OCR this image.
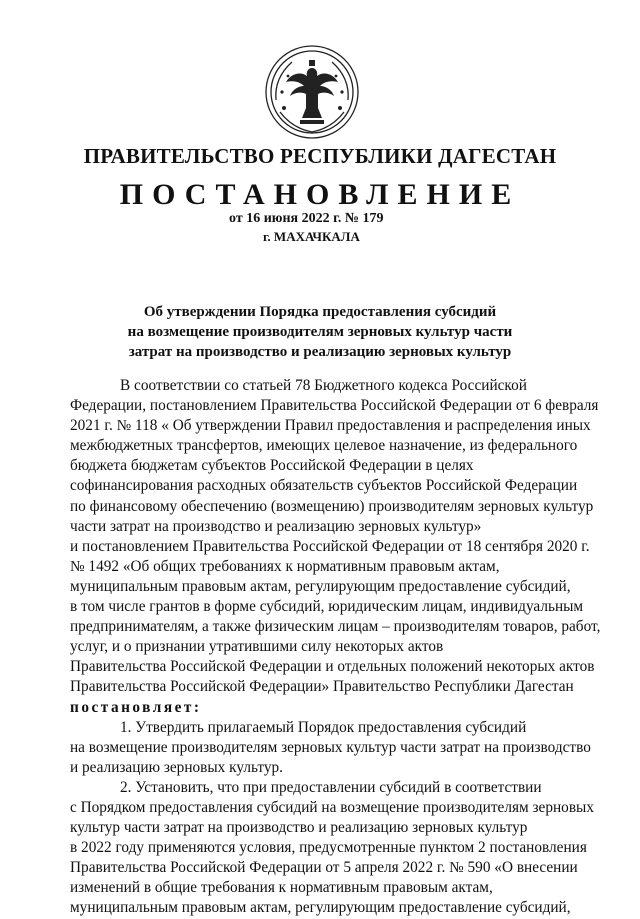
ПРАВИТЕЛЬСТВО РЕСПУБЛИКИ ДАГЕСТАН
ПОСТАНОВЛЕНИЕ
от 16 июня 2022 г. № 179
г. МАХАЧКАЛА
Об утверждении Порядка предоставления субсидий
на возмещение производителям зерновых культур части
затрат на производство и реализацию зерновых культур
В соответствии со статьей 78 Бюджетного кодекса Российской
Федерации, постановлением Правительства Российской Федерации от 6 февраля
2021 г. № 118 « Об утверждении Правил предоставления и распределения иных
межбюджетных трансфертов, имеющих целевое назначение, из федерального
бюджета бюджетам субъектов Российской Федерации в целях
софинансирования расходных обязательств субъектов Российской Федерации
по финансовому обеспечению (возмещению) производителям зерновых культур
части затрат на производство и реализацию зерновых культур»
и постановлением Правительства Российской Федерации от 18 сентября 2020 г.
№ 1492 «Об общих требованиях к нормативным правовым актам,
муниципальным правовым актам, регулирующим предоставление субсидий,
в том числе грантов в форме субсидий, юридическим лицам, индивидуальным
предпринимателям, а также физическим лицам – производителям товаров, работ,
услуг, и о признании утратившими силу некоторых актов
Правительства Российской Федерации и отдельных положений некоторых актов
Правительства Российской Федерации» Правительство Республики Дагестан
постановляет:
1. Утвердить прилагаемый Порядок предоставления субсидий
на возмещение производителям зерновых культур части затрат на производство
и реализацию зерновых культур.
2. Установить, что при предоставлении субсидий в соответствии
с Порядком предоставления субсидий на возмещение производителям зерновых
культур части затрат на производство и реализацию зерновых культур
в 2022 году применяются условия, предусмотренные пунктом 2 постановления
Правительства Российской Федерации от 5 апреля 2022 г. № 590 «О внесении
изменений в общие требования к нормативным правовым актам,
муниципальным правовым актам, регулирующим предоставление субсидий,
